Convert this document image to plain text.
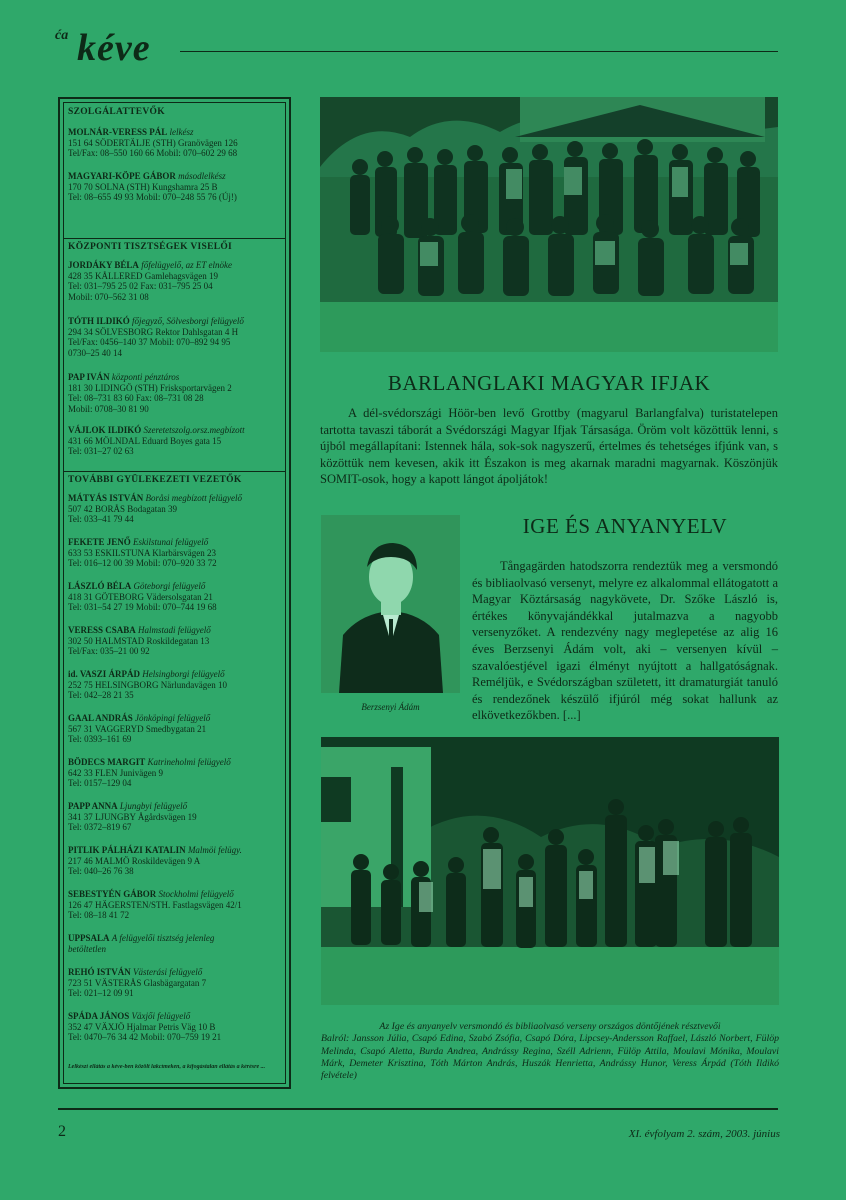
ća kéve
SZOLGÁLATTEVŐK
MOLNÁR-VERESS PÁL lelkész
151 64 SÖDERTÄLJE (STH) Granövägen 126
Tel/Fax: 08–550 160 66 Mobil: 070–602 29 68
MAGYARI-KÖPE GÁBOR másodlelkész
170 70 SOLNA (STH) Kungshamra 25 B
Tel: 08–655 49 93 Mobil: 070–248 55 76 (Új!)
KÖZPONTI TISZTSÉGEK VISELŐI
JORDÁKY BÉLA főfelügyelő, az ET elnöke
428 35 KÅLLERED Gamlehagsvägen 19
Tel: 031–795 25 02 Fax: 031–795 25 04
Mobil: 070–562 31 08
TÓTH ILDIKÓ főjegyző, Sölvesborgi felügyelő
294 34 SÖLVESBORG Rektor Dahlsgatan 4 H
Tel/Fax: 0456–140 37 Mobil: 070–892 94 95
0730–25 40 14
PAP IVÁN központi pénztáros
181 30 LIDINGÖ (STH) Frisksportarvägen 2
Tel: 08–731 83 60 Fax: 08–731 08 28
Mobil: 0708–30 81 90
VÁJLOK ILDIKÓ Szeretetszolg.orsz.megbízott
431 66 MÖLNDAL Eduard Boyes gata 15
Tel: 031–27 02 63
TOVÁBBI GYÜLEKEZETI VEZETŐK
MÁTYÁS ISTVÁN Boråsi megbízott felügyelő
507 42 BORÅS Bodagatan 39
Tel: 033–41 79 44
FEKETE JENŐ Eskilstunai felügyelő
633 53 ESKILSTUNA Klarbärsvägen 23
Tel: 016–12 00 39 Mobil: 070–920 33 72
LÁSZLÓ BÉLA Göteborgi felügyelő
418 31 GÖTEBORG Vädersolsgatan 21
Tel: 031–54 27 19 Mobil: 070–744 19 68
VERESS CSABA Halmstadi felügyelő
302 50 HALMSTAD Roskildegatan 13
Tel/Fax: 035–21 00 92
id. VASZI ÁRPÁD Helsingborgi felügyelő
252 75 HELSINGBORG Närlundavägen 10
Tel: 042–28 21 35
GAAL ANDRÁS Jönköpingi felügyelő
567 31 VAGGERYD Smedbygatan 21
Tel: 0393–161 69
BÖDECS MARGIT Katrineholmi felügyelő
642 33 FLEN Junivägen 9
Tel: 0157–129 04
PAPP ANNA Ljungbyi felügyelő
341 37 LJUNGBY Ågårdsvägen 19
Tel: 0372–819 67
PITLIK PÁLHÁZI KATALIN Malmöi felügy.
217 46 MALMÖ Roskildevägen 9 A
Tel: 040–26 76 38
SEBESTYÉN GÁBOR Stockholmi felügyelő
126 47 HÄGERSTEN/STH. Fastlagsvägen 42/1
Tel: 08–18 41 72
UPPSALA A felügyelői tisztség jelenleg
betöltetlen
REHÓ ISTVÁN Västerási felügyelő
723 51 VÄSTERÅS Glasbägargatan 7
Tel: 021–12 09 91
SPÁDA JÁNOS Växjői felügyelő
352 47 VÄXJÖ Hjalmar Petris Väg 10 B
Tel: 0470–76 34 42 Mobil: 070–759 19 21
Lelkészi ellátás a kéve-ben közölt lakcímeken, a kifogástalan ellátás a kérésre ...
BARLANGLAKI MAGYAR IFJAK
A dél-svédországi Höör-ben levő Grottby (magyarul Barlangfalva) turistatelepen tartotta tavaszi táborát a Svédországi Magyar Ifjak Társasága. Öröm volt közöttük lenni, s újból megállapítani: Istennek hála, sok-sok nagyszerű, értelmes és tehetséges ifjúnk van, s közöttük nem kevesen, akik itt Északon is meg akarnak maradni magyarnak. Köszönjük SOMIT-osok, hogy a kapott lángot ápoljátok!
Berzsenyi Ádám
IGE ÉS ANYANYELV
Tångagärden hatodszorra rendeztük meg a versmondó és bibliaolvasó versenyt, melyre ez alkalommal ellátogatott a Magyar Köztársaság nagykövete, Dr. Szőke László is, értékes könyvajándékkal jutalmazva a nagyobb versenyzőket. A rendezvény nagy meglepetése az alig 16 éves Berzsenyi Ádám volt, aki – versenyen kívül – szavalóestjével igazi élményt nyújtott a hallgatóságnak. Reméljük, e Svédországban született, itt dramaturgiát tanuló és rendezőnek készülő ifjúról még sokat hallunk az elkövetkezőkben. [...]
Az Ige és anyanyelv versmondó és bibliaolvasó verseny országos döntőjének résztvevői
Balról: Jansson Júlia, Csapó Edina, Szabó Zsófia, Csapó Dóra, Lipcsey-Andersson Raffael, László Norbert, Fülöp Melinda, Csapó Aletta, Burda Andrea, Andrássy Regina, Széll Adrienn, Fülöp Attila, Moulavi Mónika, Moulavi Márk, Demeter Krisztina, Tóth Márton András, Huszák Henrietta, Andrássy Hunor, Veress Árpád (Tóth Ildikó felvétele)
2	XI. évfolyam 2. szám, 2003. június
